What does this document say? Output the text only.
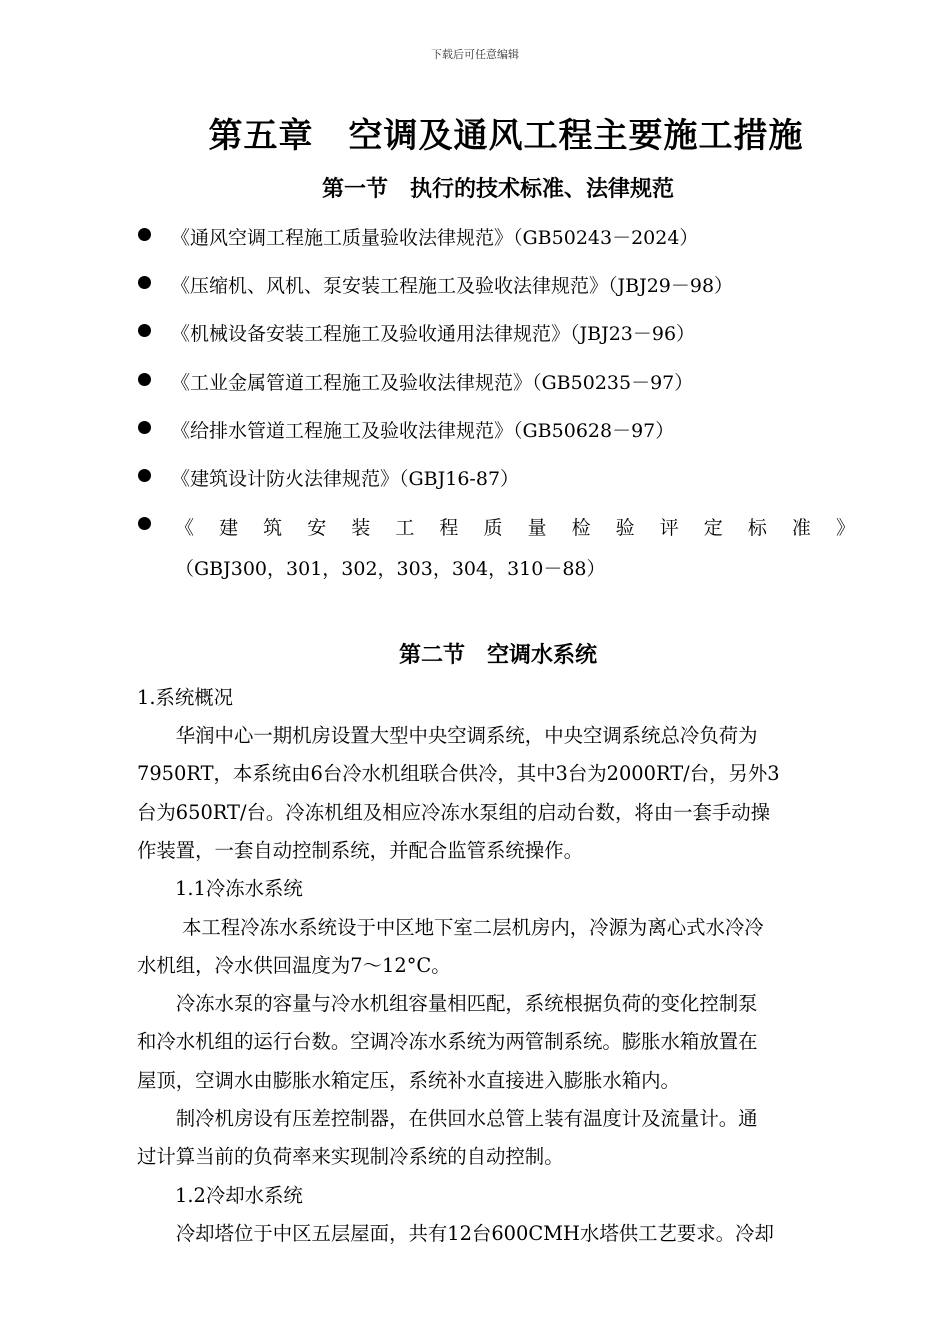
下载后可任意编辑
第五章　空调及通风工程主要施工措施
第一节　执行的技术标准、法律规范
《通风空调工程施工质量验收法律规范》（GB50243－2024）
《压缩机、风机、泵安装工程施工及验收法律规范》（JBJ29－98）
《机械设备安装工程施工及验收通用法律规范》（JBJ23－96）
《工业金属管道工程施工及验收法律规范》（GB50235－97）
《给排水管道工程施工及验收法律规范》（GB50628－97）
《建筑设计防火法律规范》（GBJ16-87）
《 建 筑 安 装 工 程 质 量 检 验 评 定 标 准 》
（GBJ300，301，302，303，304，310－88）
第二节　空调水系统
1.系统概况
　　华润中心一期机房设置大型中央空调系统，中央空调系统总冷负荷为
7950RT，本系统由6台冷水机组联合供冷，其中3台为2000RT/台，另外3
台为650RT/台。冷冻机组及相应冷冻水泵组的启动台数，将由一套手动操
作装置，一套自动控制系统，并配合监管系统操作。
1.1冷冻水系统
　　 本工程冷冻水系统设于中区地下室二层机房内，冷源为离心式水冷冷
水机组，冷水供回温度为7～12°C。
　　冷冻水泵的容量与冷水机组容量相匹配，系统根据负荷的变化控制泵
和冷水机组的运行台数。空调冷冻水系统为两管制系统。膨胀水箱放置在
屋顶，空调水由膨胀水箱定压，系统补水直接进入膨胀水箱内。
　　制冷机房设有压差控制器，在供回水总管上装有温度计及流量计。通
过计算当前的负荷率来实现制冷系统的自动控制。
1.2冷却水系统
　　冷却塔位于中区五层屋面，共有12台600CMH水塔供工艺要求。冷却
